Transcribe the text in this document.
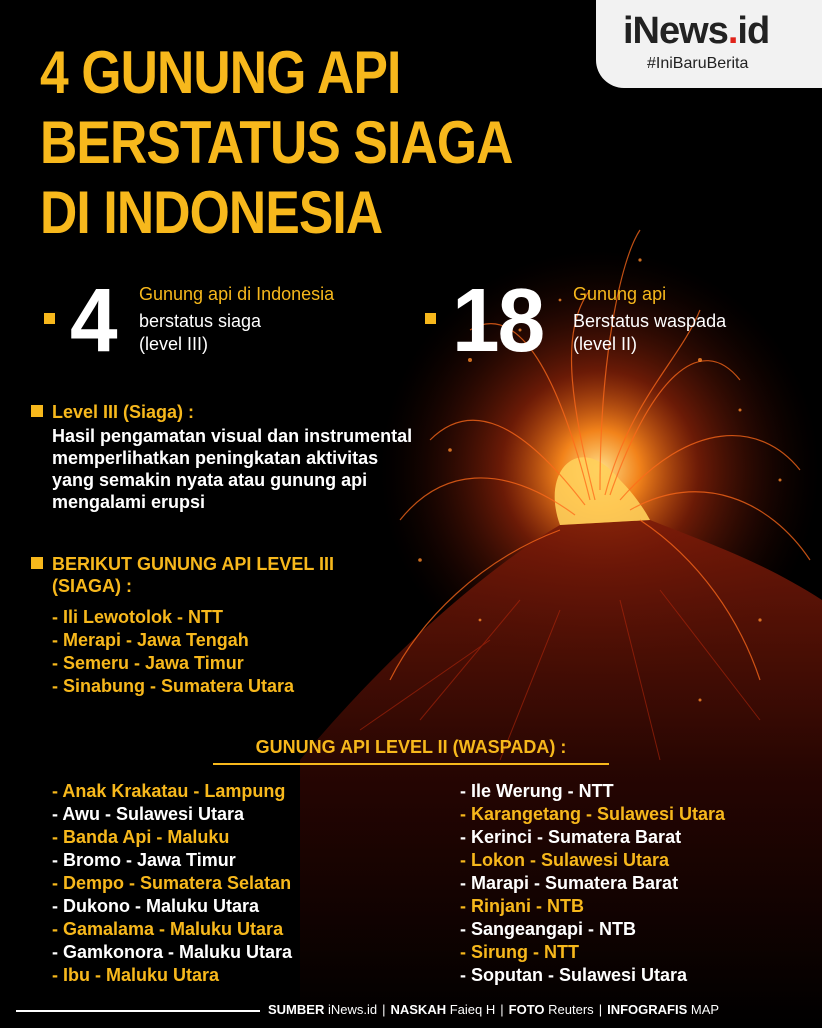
iNews.id
#IniBaruBerita
4 GUNUNG API
BERSTATUS SIAGA
DI INDONESIA
4 Gunung api di Indonesia
berstatus siaga
(level III)	18 Gunung api
Berstatus waspada
(level II)
Level III (Siaga) :
Hasil pengamatan visual dan instrumental
memperlihatkan peningkatan aktivitas
yang semakin nyata atau gunung api
mengalami erupsi
BERIKUT GUNUNG API LEVEL III
(SIAGA) :
- Ili Lewotolok - NTT
- Merapi - Jawa Tengah
- Semeru - Jawa Timur
- Sinabung - Sumatera Utara
GUNUNG API LEVEL II (WASPADA) :
- Anak Krakatau - Lampung
- Awu - Sulawesi Utara
- Banda Api - Maluku
- Bromo - Jawa Timur
- Dempo - Sumatera Selatan
- Dukono - Maluku Utara
- Gamalama - Maluku Utara
- Gamkonora - Maluku Utara
- Ibu - Maluku Utara
- Ile Werung - NTT
- Karangetang - Sulawesi Utara
- Kerinci - Sumatera Barat
- Lokon - Sulawesi Utara
- Marapi - Sumatera Barat
- Rinjani - NTB
- Sangeangapi - NTB
- Sirung - NTT
- Soputan - Sulawesi Utara
SUMBER iNews.id | NASKAH Faieq H | FOTO Reuters | INFOGRAFIS MAP
